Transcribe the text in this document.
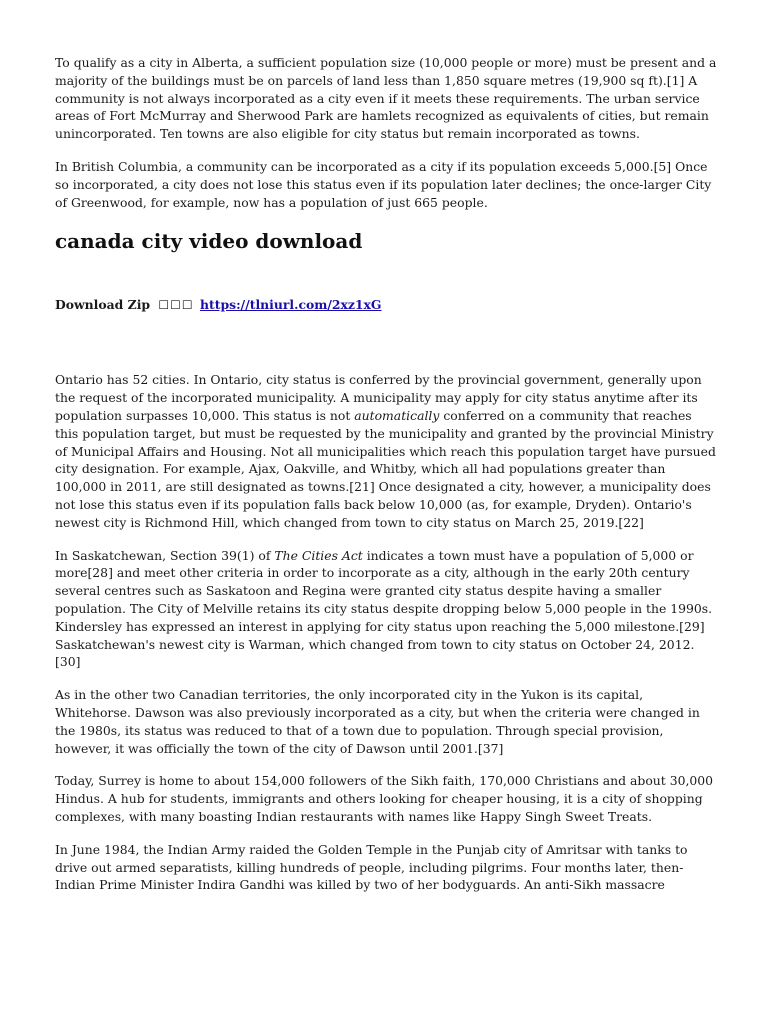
To qualify as a city in Alberta, a sufficient population size (10,000 people or more) must be present and a majority of the buildings must be on parcels of land less than 1,850 square metres (19,900 sq ft).[1] A community is not always incorporated as a city even if it meets these requirements. The urban service areas of Fort McMurray and Sherwood Park are hamlets recognized as equivalents of cities, but remain unincorporated. Ten towns are also eligible for city status but remain incorporated as towns.

In British Columbia, a community can be incorporated as a city if its population exceeds 5,000.[5] Once so incorporated, a city does not lose this status even if its population later declines; the once-larger City of Greenwood, for example, now has a population of just 665 people.

canada city video download
Download Zip ☐☐☐ https://tlniurl.com/2xz1xG

Ontario has 52 cities. In Ontario, city status is conferred by the provincial government, generally upon the request of the incorporated municipality. A municipality may apply for city status anytime after its population surpasses 10,000. This status is not automatically conferred on a community that reaches this population target, but must be requested by the municipality and granted by the provincial Ministry of Municipal Affairs and Housing. Not all municipalities which reach this population target have pursued city designation. For example, Ajax, Oakville, and Whitby, which all had populations greater than 100,000 in 2011, are still designated as towns.[21] Once designated a city, however, a municipality does not lose this status even if its population falls back below 10,000 (as, for example, Dryden). Ontario's newest city is Richmond Hill, which changed from town to city status on March 25, 2019.[22]

In Saskatchewan, Section 39(1) of The Cities Act indicates a town must have a population of 5,000 or more[28] and meet other criteria in order to incorporate as a city, although in the early 20th century several centres such as Saskatoon and Regina were granted city status despite having a smaller population. The City of Melville retains its city status despite dropping below 5,000 people in the 1990s. Kindersley has expressed an interest in applying for city status upon reaching the 5,000 milestone.[29] Saskatchewan's newest city is Warman, which changed from town to city status on October 24, 2012.[30]

As in the other two Canadian territories, the only incorporated city in the Yukon is its capital, Whitehorse. Dawson was also previously incorporated as a city, but when the criteria were changed in the 1980s, its status was reduced to that of a town due to population. Through special provision, however, it was officially the town of the city of Dawson until 2001.[37]

Today, Surrey is home to about 154,000 followers of the Sikh faith, 170,000 Christians and about 30,000 Hindus. A hub for students, immigrants and others looking for cheaper housing, it is a city of shopping complexes, with many boasting Indian restaurants with names like Happy Singh Sweet Treats.

In June 1984, the Indian Army raided the Golden Temple in the Punjab city of Amritsar with tanks to drive out armed separatists, killing hundreds of people, including pilgrims. Four months later, then-Indian Prime Minister Indira Gandhi was killed by two of her bodyguards. An anti-Sikh massacre
